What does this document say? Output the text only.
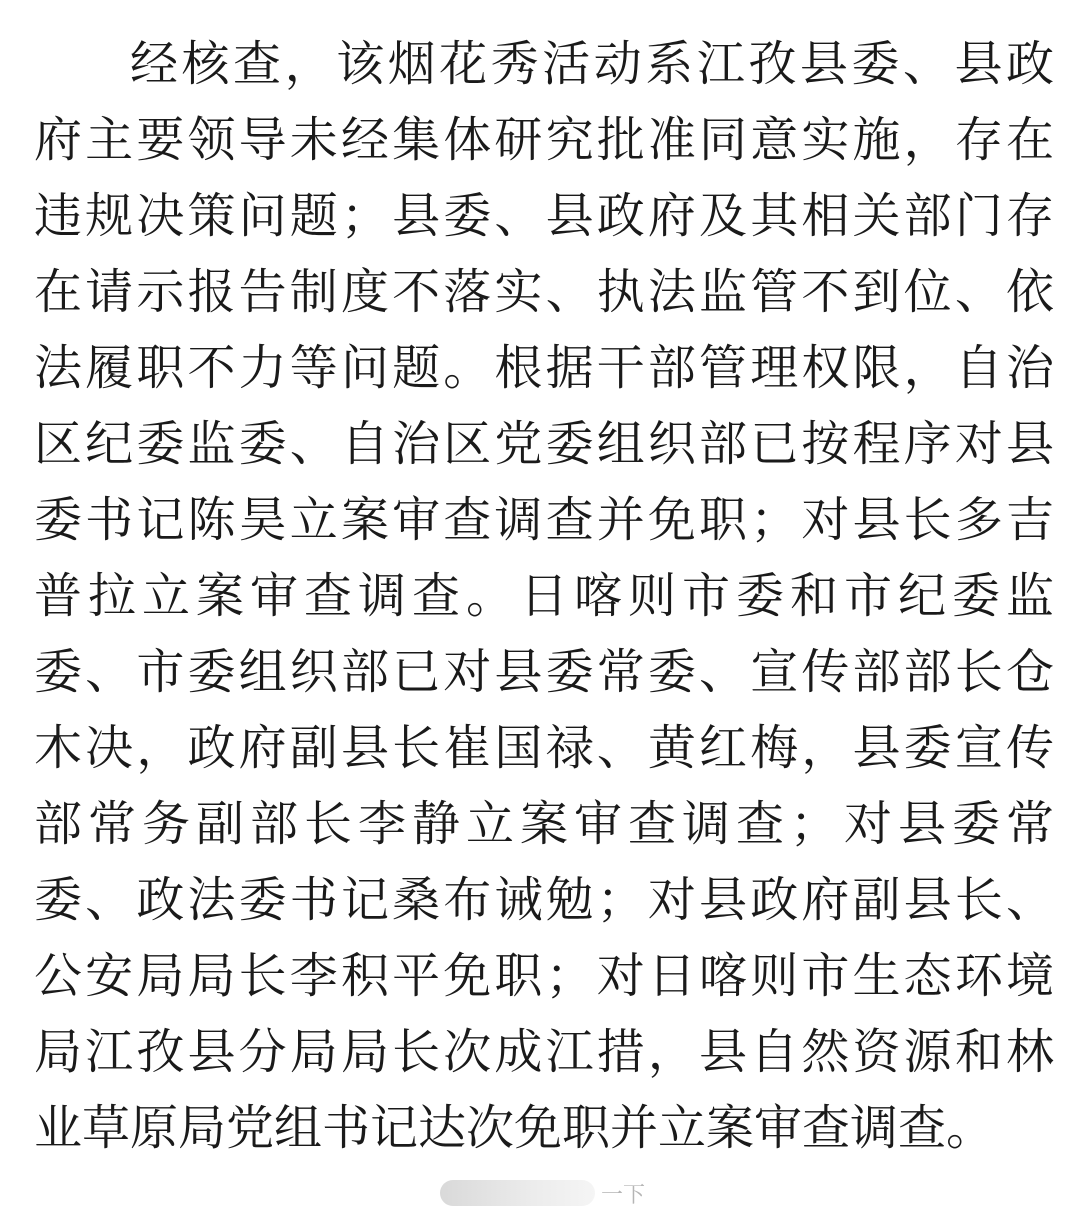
经核查，该烟花秀活动系江孜县委、县政
府主要领导未经集体研究批准同意实施，存在
违规决策问题；县委、县政府及其相关部门存
在请示报告制度不落实、执法监管不到位、依
法履职不力等问题。根据干部管理权限，自治
区纪委监委、自治区党委组织部已按程序对县
委书记陈昊立案审查调查并免职；对县长多吉
普拉立案审查调查。日喀则市委和市纪委监
委、市委组织部已对县委常委、宣传部部长仓
木决，政府副县长崔国禄、黄红梅，县委宣传
部常务副部长李静立案审查调查；对县委常
委、政法委书记桑布诫勉；对县政府副县长、
公安局局长李积平免职；对日喀则市生态环境
局江孜县分局局长次成江措，县自然资源和林
业草原局党组书记达次免职并立案审查调查。
一下
